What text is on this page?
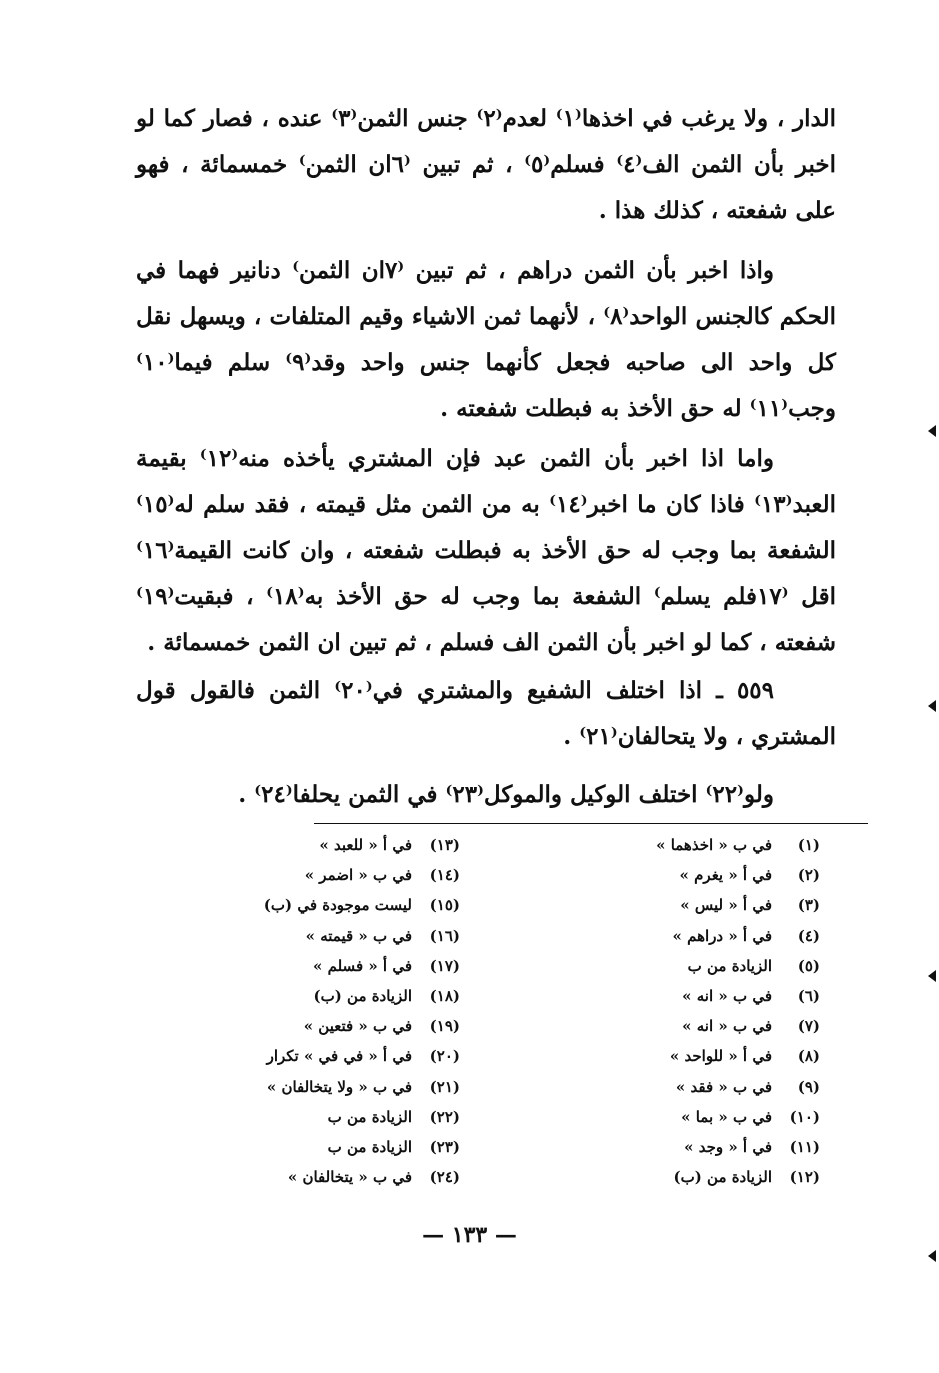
الدار ، ولا يرغب في اخذها⁽١⁾ لعدم⁽٢⁾ جنس الثمن⁽٣⁾ عنده ، فصار كما لو اخبر بأن الثمن الف⁽٤⁾ فسلم⁽٥⁾ ، ثم تبين ⁽٦ان الثمن⁾ خمسمائة ، فهو على شفعته ، كذلك هذا .

واذا اخبر بأن الثمن دراهم ، ثم تبين ⁽٧ان الثمن⁾ دنانير فهما في الحكم كالجنس الواحد⁽٨⁾ ، لأنهما ثمن الاشياء وقيم المتلفات ، ويسهل نقل كل واحد الى صاحبه فجعل كأنهما جنس واحد وقد⁽٩⁾ سلم فيما⁽١٠⁾ وجب⁽١١⁾ له حق الأخذ به فبطلت شفعته .

واما اذا اخبر بأن الثمن عبد فإن المشتري يأخذه منه⁽١٢⁾ بقيمة العبد⁽١٣⁾ فاذا كان ما اخبر⁽١٤⁾ به من الثمن مثل قيمته ، فقد سلم له⁽١٥⁾ الشفعة بما وجب له حق الأخذ به فبطلت شفعته ، وان كانت القيمة⁽١٦⁾ اقل ⁽١٧فلم يسلم⁾ الشفعة بما وجب له حق الأخذ به⁽١٨⁾ ، فبقيت⁽١٩⁾ شفعته ، كما لو اخبر بأن الثمن الف فسلم ، ثم تبين ان الثمن خمسمائة .

٥٥٩ ـ اذا اختلف الشفيع والمشتري في⁽٢٠⁾ الثمن فالقول قول المشتري ، ولا يتحالفان⁽٢١⁾ .

ولو⁽٢٢⁾ اختلف الوكيل والموكل⁽٢٣⁾ في الثمن يحلفا⁽٢٤⁾ .

(١)
في ب « اخذهما »
(٢)
في أ « يغرم »
(٣)
في أ « ليس »
(٤)
في أ « دراهم »
(٥)
الزيادة من ب
(٦)
في ب « انه »
(٧)
في ب « انه »
(٨)
في أ « للواحد »
(٩)
في ب « فقد »
(١٠)
في ب « بما »
(١١)
في أ « وجد »
(١٢)
الزيادة من (ب)
(١٣)
في أ « للعبد »
(١٤)
في ب « اضمر »
(١٥)
ليست موجودة في (ب)
(١٦)
في ب « قيمته »
(١٧)
في أ « فسلم »
(١٨)
الزيادة من (ب)
(١٩)
في ب « فتعين »
(٢٠)
في أ « في في » تكرار
(٢١)
في ب « ولا يتخالفان »
(٢٢)
الزيادة من ب
(٢٣)
الزيادة من ب
(٢٤)
في ب « يتخالفان »
— ١٣٣ —
